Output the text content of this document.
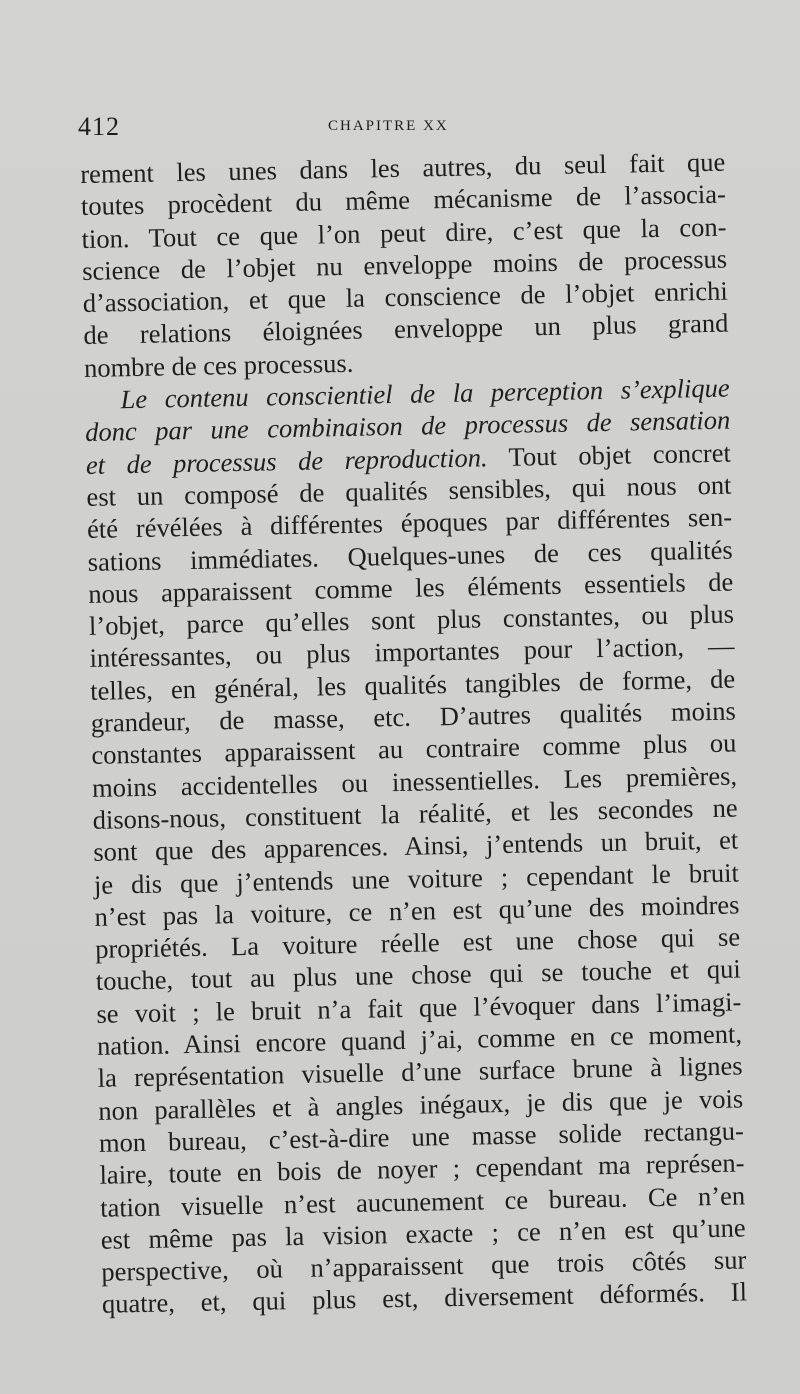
412	CHAPITRE XX
rement les unes dans les autres, du seul fait que
toutes procèdent du même mécanisme de l’associa-
tion. Tout ce que l’on peut dire, c’est que la con-
science de l’objet nu enveloppe moins de processus
d’association, et que la conscience de l’objet enrichi
de relations éloignées enveloppe un plus grand
nombre de ces processus.
Le contenu conscientiel de la perception s’explique
donc par une combinaison de processus de sensation
et de processus de reproduction. Tout objet concret
est un composé de qualités sensibles, qui nous ont
été révélées à différentes époques par différentes sen-
sations immédiates. Quelques-unes de ces qualités
nous apparaissent comme les éléments essentiels de
l’objet, parce qu’elles sont plus constantes, ou plus
intéressantes, ou plus importantes pour l’action, —
telles, en général, les qualités tangibles de forme, de
grandeur, de masse, etc. D’autres qualités moins
constantes apparaissent au contraire comme plus ou
moins accidentelles ou inessentielles. Les premières,
disons-nous, constituent la réalité, et les secondes ne
sont que des apparences. Ainsi, j’entends un bruit, et
je dis que j’entends une voiture ; cependant le bruit
n’est pas la voiture, ce n’en est qu’une des moindres
propriétés. La voiture réelle est une chose qui se
touche, tout au plus une chose qui se touche et qui
se voit ; le bruit n’a fait que l’évoquer dans l’imagi-
nation. Ainsi encore quand j’ai, comme en ce moment,
la représentation visuelle d’une surface brune à lignes
non parallèles et à angles inégaux, je dis que je vois
mon bureau, c’est-à-dire une masse solide rectangu-
laire, toute en bois de noyer ; cependant ma représen-
tation visuelle n’est aucunement ce bureau. Ce n’en
est même pas la vision exacte ; ce n’en est qu’une
perspective, où n’apparaissent que trois côtés sur
quatre, et, qui plus est, diversement déformés. Il
